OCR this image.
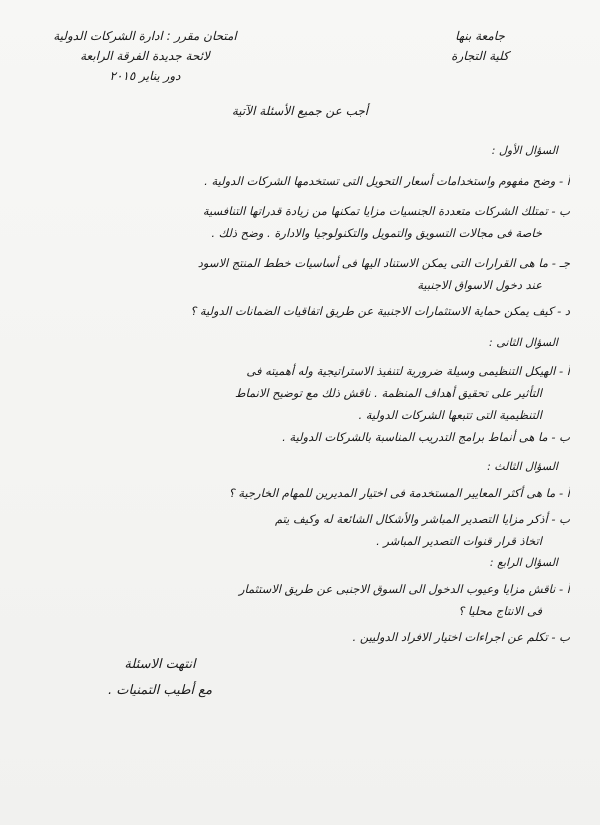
جامعة بنها
كلية التجارة
امتحان مقرر : ادارة الشركات الدولية
لائحة جديدة الفرقة الرابعة
دور يناير ٢٠١٥
أجب عن جميع الأسئلة الآتية
السؤال الأول :
أ - وضح مفهوم واستخدامات أسعار التحويل التى تستخدمها الشركات الدولية .
ب - تمتلك الشركات متعددة الجنسيات مزايا تمكنها من زيادة قدراتها التنافسية
خاصة فى مجالات التسويق والتمويل والتكنولوجيا والادارة . وضح ذلك .
جـ - ما هى القرارات التى يمكن الاستناد اليها فى أساسيات خطط المنتج الاسود
عند دخول الاسواق الاجنبية
د - كيف يمكن حماية الاستثمارات الاجنبية عن طريق اتفاقيات الضمانات الدولية ؟
السؤال الثانى :
أ - الهيكل التنظيمى وسيلة ضرورية لتنفيذ الاستراتيجية وله أهميته فى
التأثير على تحقيق أهداف المنظمة . ناقش ذلك مع توضيح الانماط
التنظيمية التى تتبعها الشركات الدولية .
ب - ما هى أنماط برامج التدريب المناسبة بالشركات الدولية .
السؤال الثالث :
أ - ما هى أكثر المعايير المستخدمة فى اختيار المديرين للمهام الخارجية ؟
ب - أذكر مزايا التصدير المباشر والأشكال الشائعة له وكيف يتم
اتخاذ قرار قنوات التصدير المباشر .
السؤال الرابع :
أ - ناقش مزايا وعيوب الدخول الى السوق الاجنبى عن طريق الاستثمار
فى الانتاج محليا ؟
ب - تكلم عن اجراءات اختيار الافراد الدوليين .
انتهت الاسئلة
مع أطيب التمنيات .
